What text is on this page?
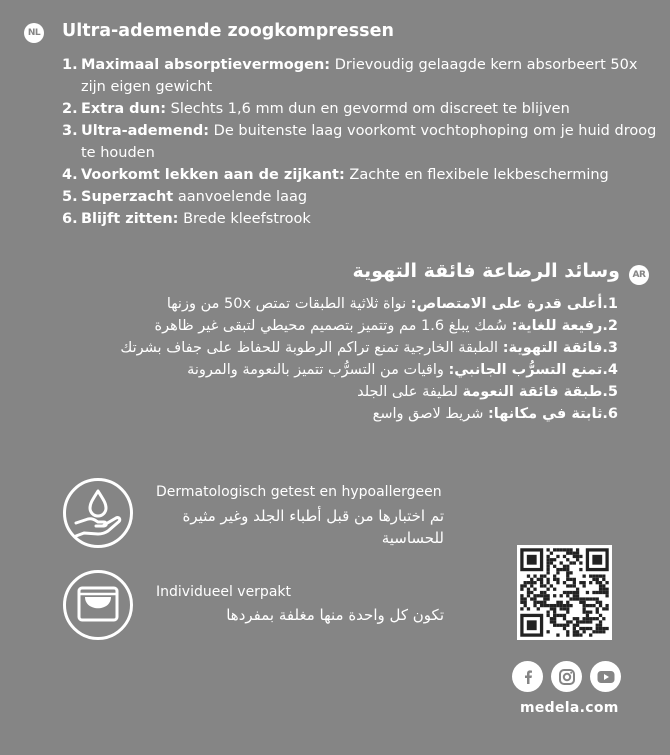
NL Ultra-ademende zoogkompressen
1. Maximaal absorptievermogen: Drievoudig gelaagde kern absorbeert 50x zijn eigen gewicht
2. Extra dun: Slechts 1,6 mm dun en gevormd om discreet te blijven
3. Ultra-ademend: De buitenste laag voorkomt vochtophoping om je huid droog te houden
4. Voorkomt lekken aan de zijkant: Zachte en flexibele lekbescherming
5. Superzacht aanvoelende laag
6. Blijft zitten: Brede kleefstrook
AR
وسائد الرضاعة فائقة التهوية
1.أعلى قدرة على الامتصاص: نواة ثلاثية الطبقات تمتص 50x من وزنها
2.رفيعة للغاية: سُمك يبلغ 1.6 مم وتتميز بتصميم محيطي لتبقى غير ظاهرة
3.فائقة التهوية: الطبقة الخارجية تمنع تراكم الرطوبة للحفاظ على جفاف بشرتك
4.تمنع التسرُّب الجانبي: واقيات من التسرُّب تتميز بالنعومة والمرونة
5.طبقة فائقة النعومة لطيفة على الجلد
6.ثابتة في مكانها: شريط لاصق واسع
Dermatologisch getest en hypoallergeen
تم اختبارها من قبل أطباء الجلد وغير مثيرة للحساسية
Individueel verpakt
تكون كل واحدة منها مغلفة بمفردها
medela.com
